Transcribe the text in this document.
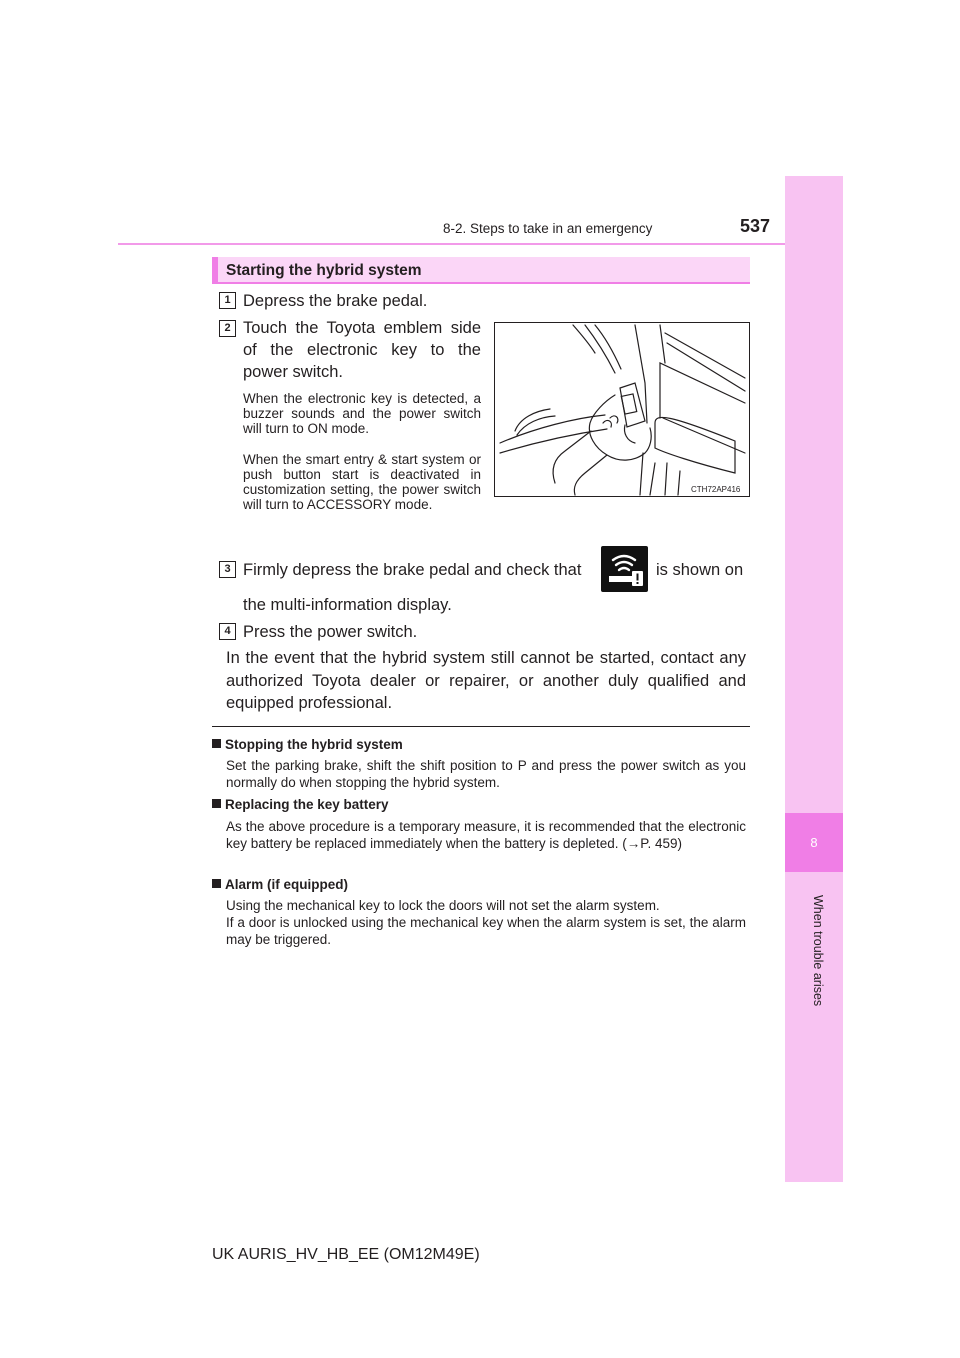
8-2. Steps to take in an emergency	537
8
When trouble arises
Starting the hybrid system
1 Depress the brake pedal.
2 Touch the Toyota emblem side of the electronic key to the power switch.
When the electronic key is detected, a buzzer sounds and the power switch will turn to ON mode.
When the smart entry & start system or push button start is deactivated in customization setting, the power switch will turn to ACCESSORY mode.
CTH72AP416
3 Firmly depress the brake pedal and check that	is shown on
the multi-information display.
4 Press the power switch.
In the event that the hybrid system still cannot be started, contact any authorized Toyota dealer or repairer, or another duly qualified and equipped professional.
Stopping the hybrid system
Set the parking brake, shift the shift position to P and press the power switch as you normally do when stopping the hybrid system.
Replacing the key battery
As the above procedure is a temporary measure, it is recommended that the electronic key battery be replaced immediately when the battery is depleted. (→P. 459)
Alarm (if equipped)
Using the mechanical key to lock the doors will not set the alarm system.
If a door is unlocked using the mechanical key when the alarm system is set, the alarm may be triggered.
UK AURIS_HV_HB_EE (OM12M49E)
